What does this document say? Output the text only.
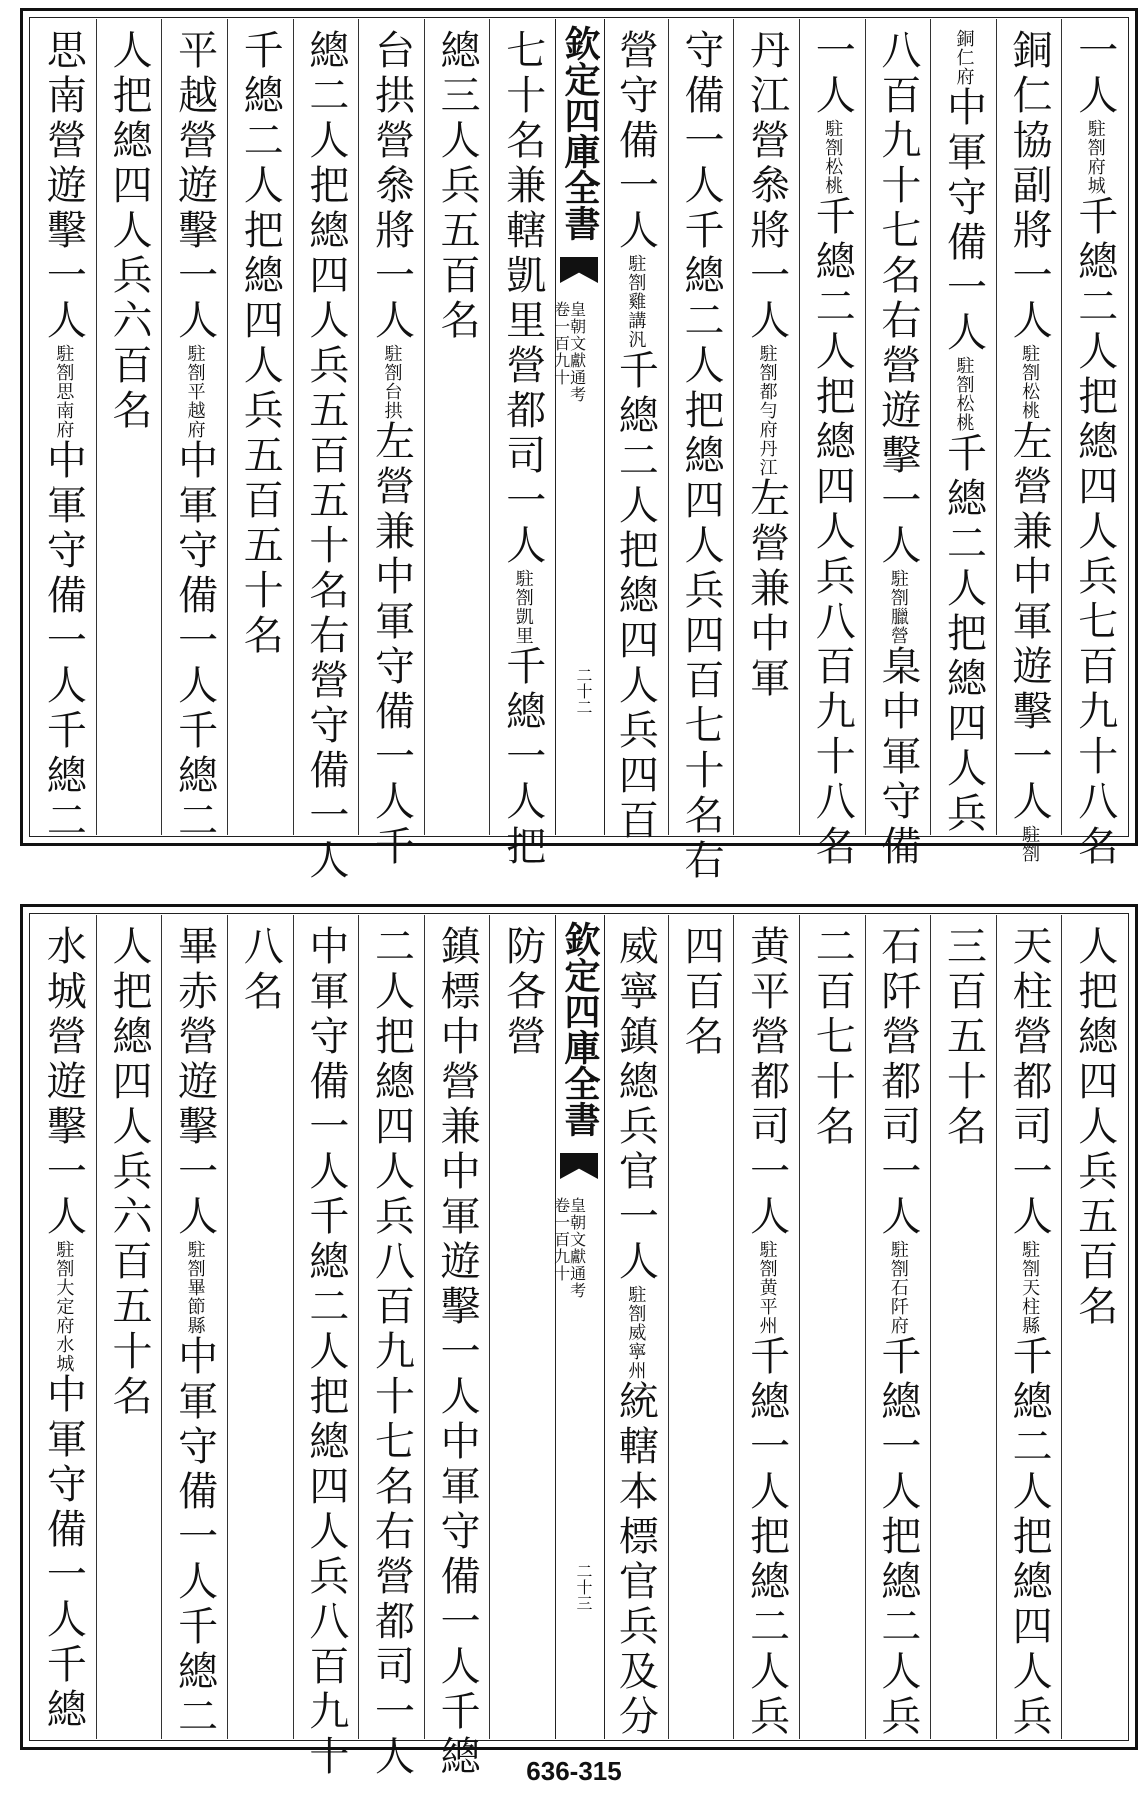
一人駐劄府城千總二人把總四人兵七百九十八名
銅仁協副將一人駐劄松桃左營兼中軍遊擊一人駐劄
銅仁府中軍守備一人駐劄松桃千總二人把總四人兵
八百九十七名右營遊擊一人駐劄臘營臬中軍守備
一人駐劄松桃千總二人把總四人兵八百九十八名
丹江營叅將一人駐劄都勻府丹江左營兼中軍
守備一人千總二人把總四人兵四百七十名右
營守備一人駐劄雞講汎千總二人把總四人兵四百
欽定四庫全書
皇朝文獻通考
卷一百九十
二十二
七十名兼轄凱里營都司一人駐劄凱里千總一人把
總三人兵五百名
台拱營叅將一人駐劄台拱左營兼中軍守備一人千
總二人把總四人兵五百五十名右營守備一人
千總二人把總四人兵五百五十名
平越營遊擊一人駐劄平越府中軍守備一人千總二
人把總四人兵六百名
思南營遊擊一人駐劄思南府中軍守備一人千總二
人把總四人兵五百名
天柱營都司一人駐劄天柱縣千總二人把總四人兵
三百五十名
石阡營都司一人駐劄石阡府千總一人把總二人兵
二百七十名
黄平營都司一人駐劄黄平州千總一人把總二人兵
四百名
威寧鎮總兵官一人駐劄威寧州統轄本標官兵及分
欽定四庫全書
皇朝文獻通考
卷一百九十
二十三
防各營
鎮標中營兼中軍遊擊一人中軍守備一人千總
二人把總四人兵八百九十七名右營都司一人
中軍守備一人千總二人把總四人兵八百九十
八名
畢赤營遊擊一人駐劄畢節縣中軍守備一人千總二
人把總四人兵六百五十名
水城營遊擊一人駐劄大定府水城中軍守備一人千總
636-315
